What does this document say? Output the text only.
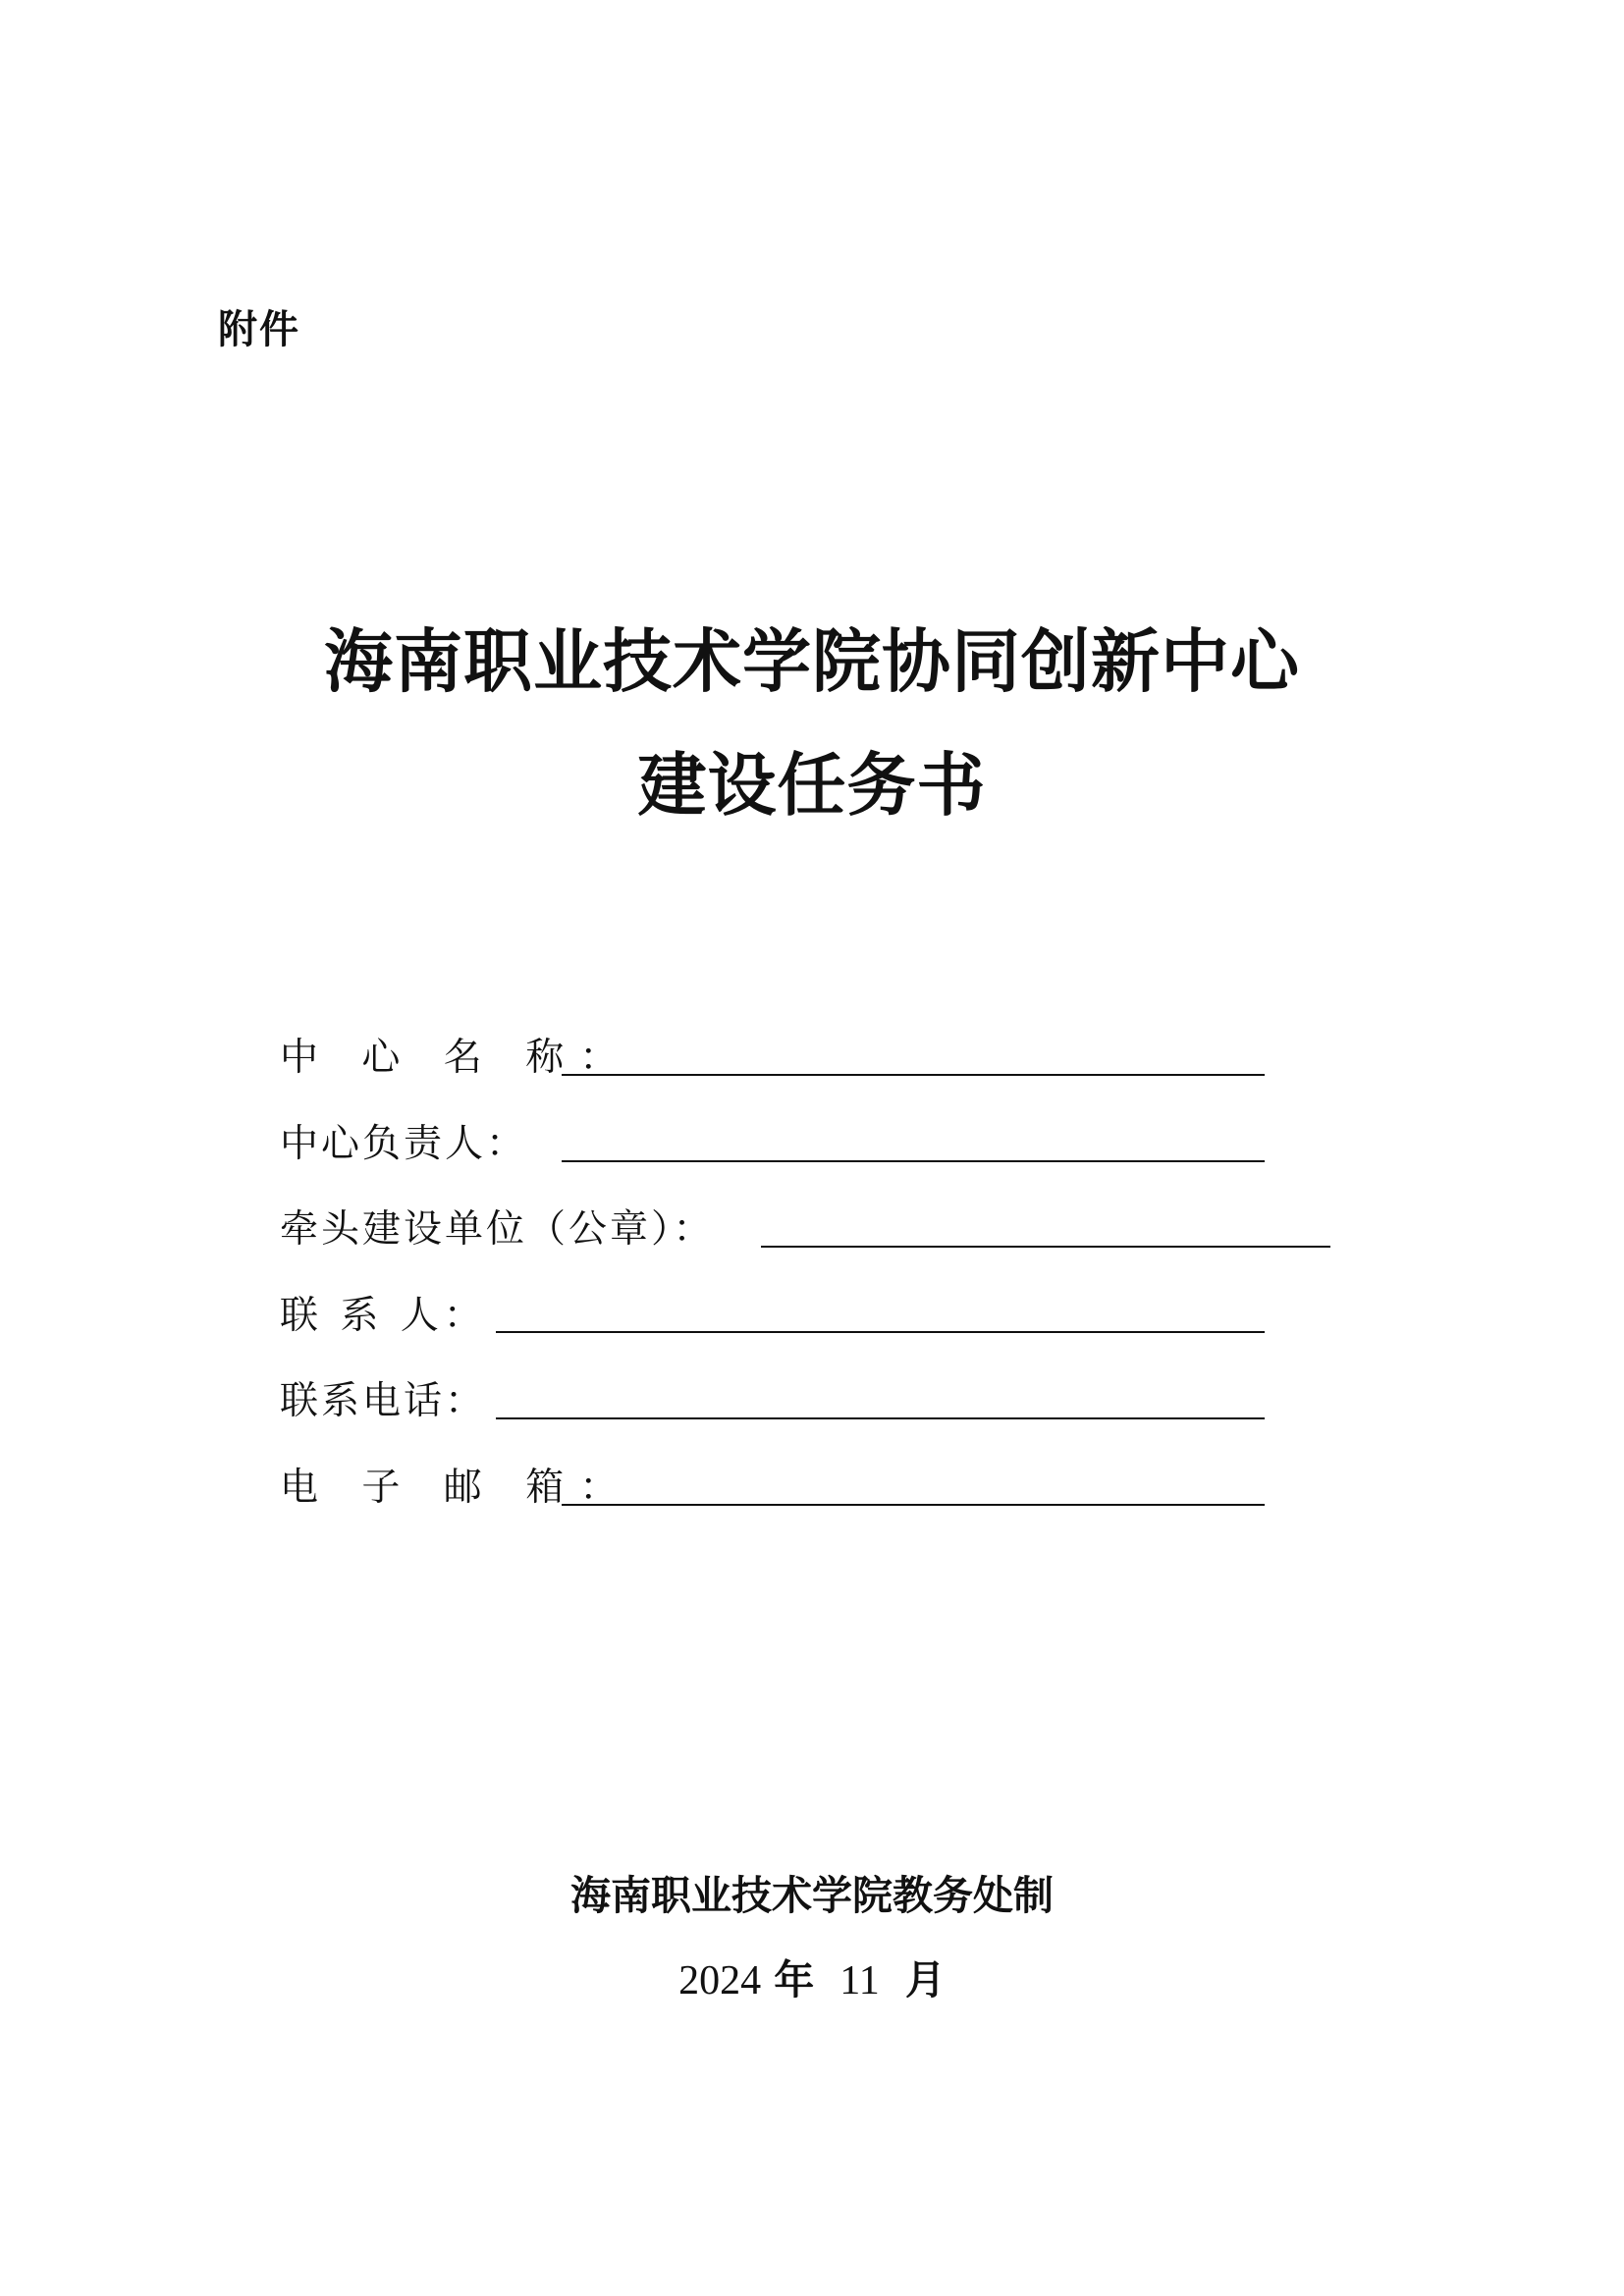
附件
海南职业技术学院协同创新中心
建设任务书
中 心 名 称：
中心负责人：
牵头建设单位（公章）：
联 系 人：
联系电话：
电 子 邮 箱：
海南职业技术学院教务处制
2024 年 11 月
